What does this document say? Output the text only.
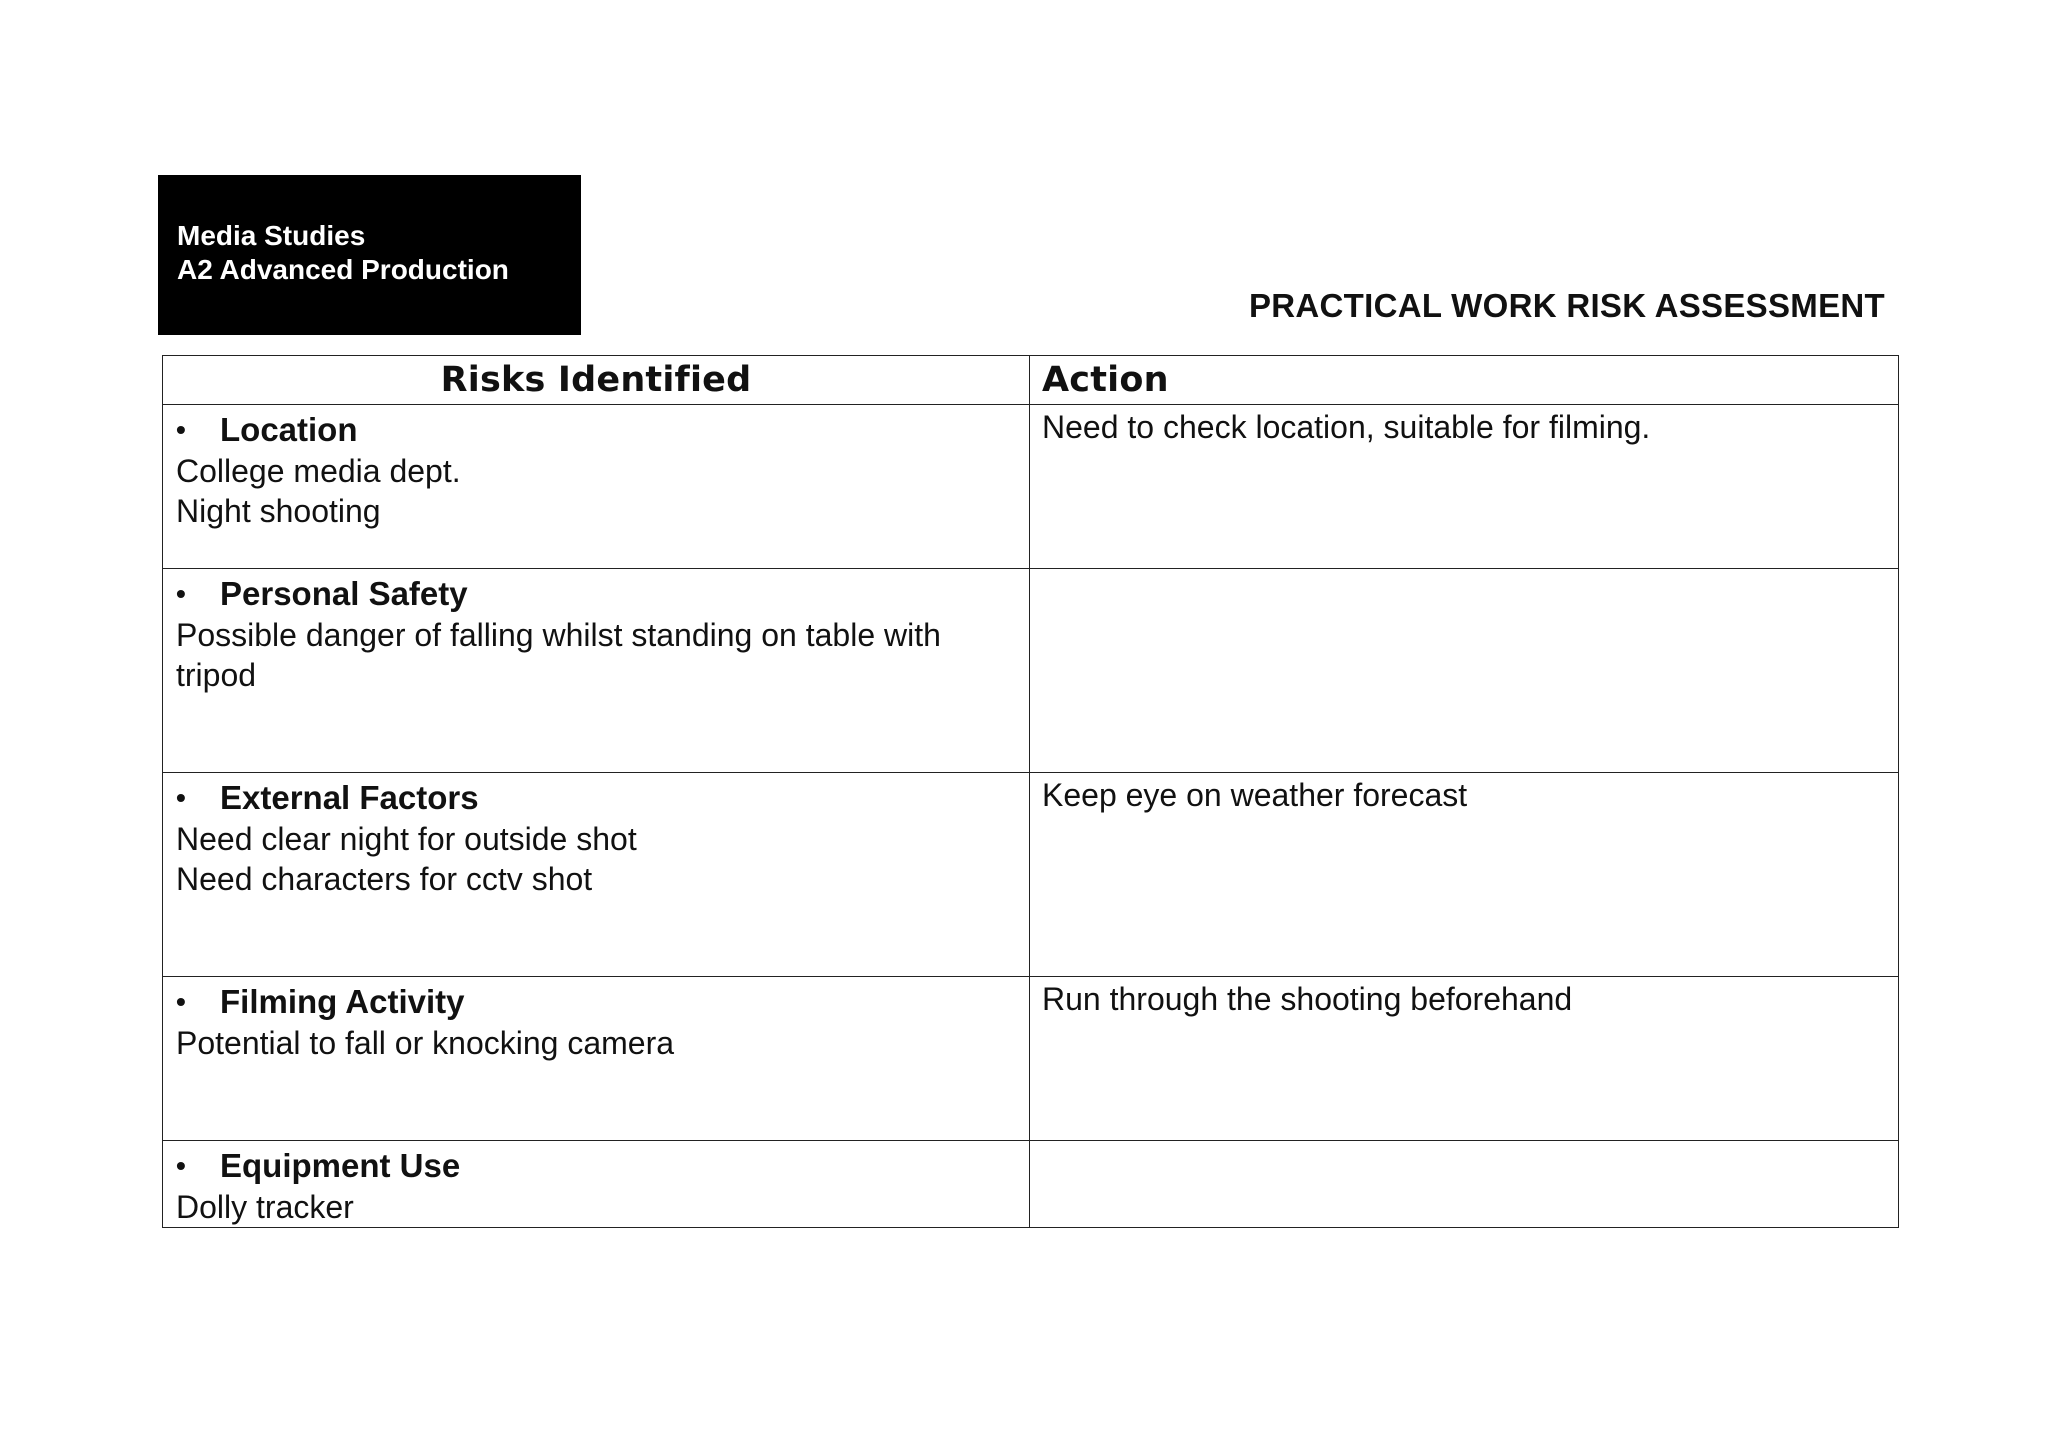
Media Studies
A2 Advanced Production
PRACTICAL WORK RISK ASSESSMENT
Risks Identified	Action

• Location
College media dept.
Night shooting	Need to check location, suitable for filming.

• Personal Safety
Possible danger of falling whilst standing on table with tripod	

• External Factors
Need clear night for outside shot
Need characters for cctv shot	Keep eye on weather forecast

• Filming Activity
Potential to fall or knocking camera	Run through the shooting beforehand

• Equipment Use
Dolly tracker	
